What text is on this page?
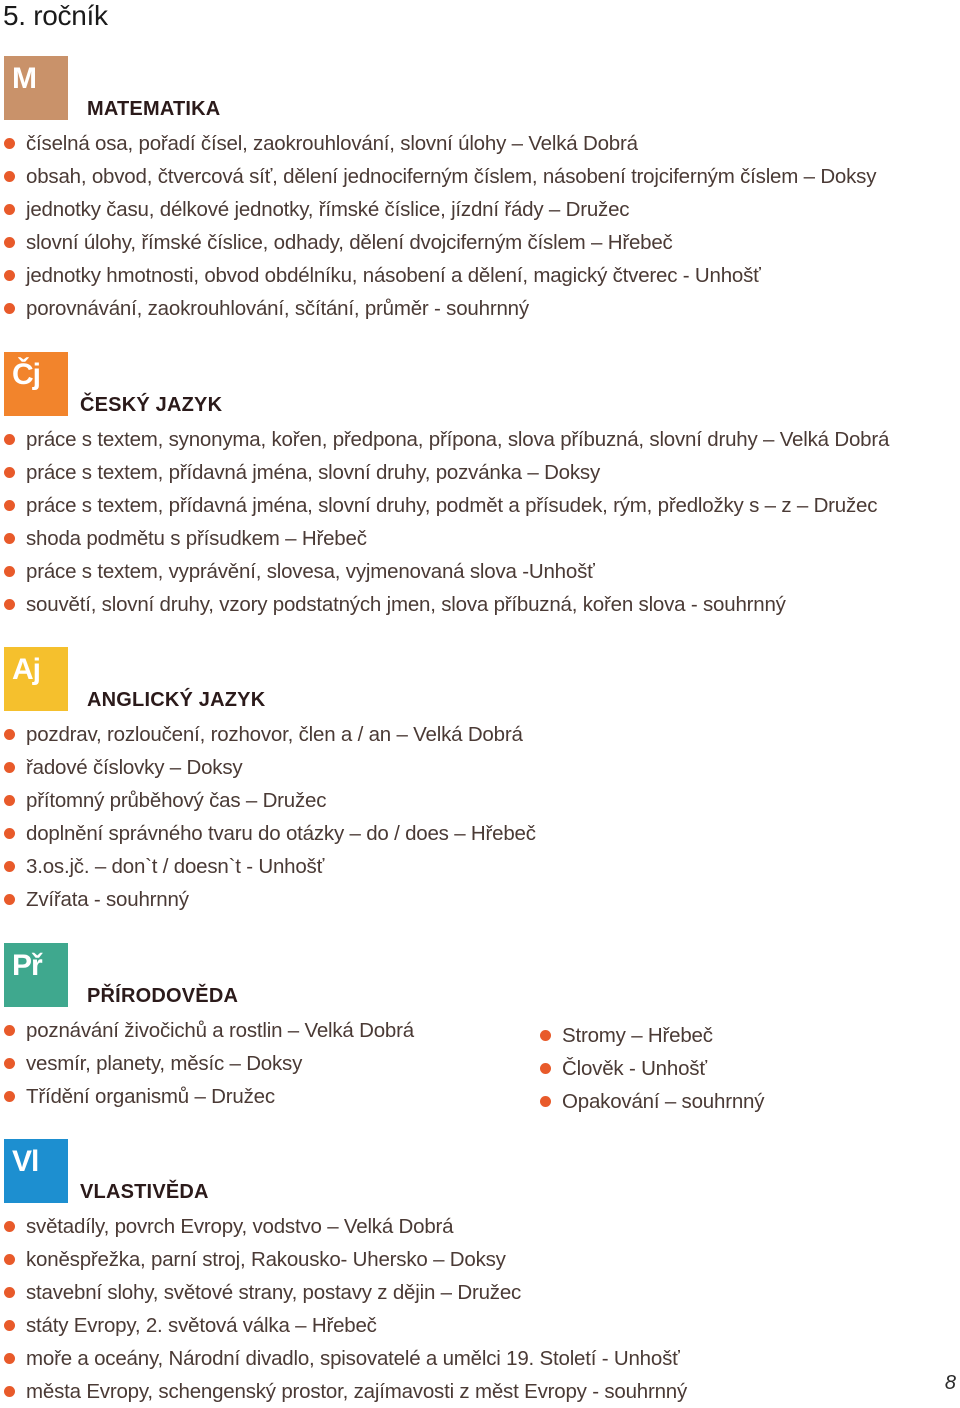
5. ročník
M
MATEMATIKA
číselná osa, pořadí čísel, zaokrouhlování, slovní úlohy – Velká Dobrá
obsah, obvod, čtvercová síť, dělení jednociferným číslem, násobení trojciferným číslem – Doksy
jednotky času, délkové jednotky, římské číslice, jízdní řády – Družec
slovní úlohy, římské číslice, odhady, dělení dvojciferným číslem – Hřebeč
jednotky hmotnosti, obvod obdélníku, násobení a dělení, magický čtverec - Unhošť
porovnávání, zaokrouhlování, sčítání, průměr - souhrnný
Čj
ČESKÝ JAZYK
práce s textem, synonyma, kořen, předpona, přípona, slova příbuzná, slovní druhy – Velká Dobrá
práce s textem, přídavná jména, slovní druhy, pozvánka – Doksy
práce s textem, přídavná jména, slovní druhy, podmět a přísudek, rým, předložky s – z – Družec
shoda podmětu s přísudkem – Hřebeč
práce s textem, vyprávění, slovesa, vyjmenovaná slova -Unhošť
souvětí, slovní druhy, vzory podstatných jmen, slova příbuzná, kořen slova - souhrnný
Aj
ANGLICKÝ JAZYK
pozdrav, rozloučení, rozhovor, člen a / an – Velká Dobrá
řadové číslovky – Doksy
přítomný průběhový čas – Družec
doplnění správného tvaru do otázky – do / does – Hřebeč
3.os.jč. – don`t / doesn`t - Unhošť
Zvířata - souhrnný
Př
PŘÍRODOVĚDA
poznávání živočichů a rostlin – Velká Dobrá
vesmír, planety, měsíc – Doksy
Třídění organismů – Družec
Stromy – Hřebeč
Člověk - Unhošť
Opakování – souhrnný
Vl
VLASTIVĚDA
světadíly, povrch Evropy, vodstvo – Velká Dobrá
koněspřežka, parní stroj, Rakousko- Uhersko – Doksy
stavební slohy, světové strany, postavy z dějin – Družec
státy Evropy, 2. světová válka – Hřebeč
moře a oceány, Národní divadlo, spisovatelé a umělci 19. Století - Unhošť
města Evropy, schengenský prostor, zajímavosti z měst Evropy - souhrnný	8
